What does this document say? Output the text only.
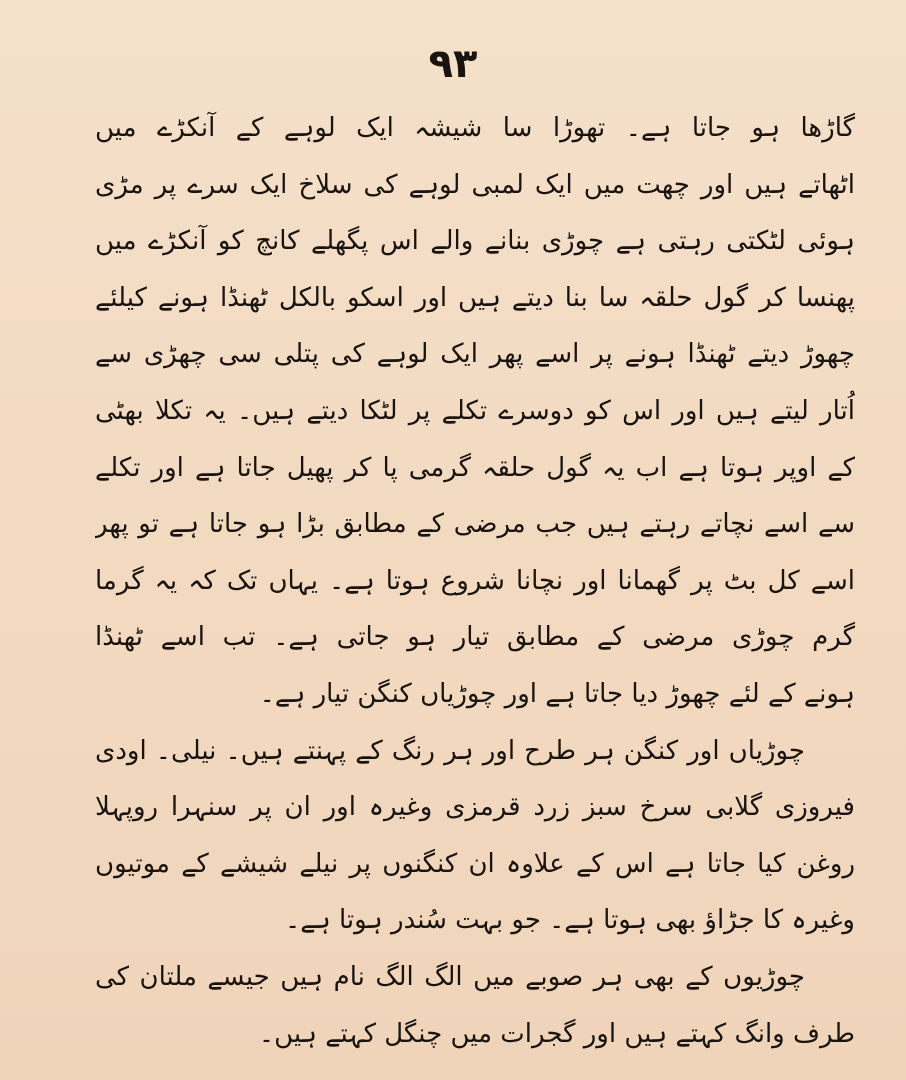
۹۳
گاڑھا ہو جاتا ہے۔ تھوڑا سا شیشہ ایک لوہے کے آنکڑے میں
اٹھاتے ہیں اور چھت میں ایک لمبی لوہے کی سلاخ ایک سرے پر مڑی
ہوئی لٹکتی رہتی ہے چوڑی بنانے والے اس پگھلے کانچ کو آنکڑے میں
پھنسا کر گول حلقہ سا بنا دیتے ہیں اور اسکو بالکل ٹھنڈا ہونے کیلئے
چھوڑ دیتے ٹھنڈا ہونے پر اسے پھر ایک لوہے کی پتلی سی چھڑی سے
اُتار لیتے ہیں اور اس کو دوسرے تکلے پر لٹکا دیتے ہیں۔ یہ تکلا بھٹی
کے اوپر ہوتا ہے اب یہ گول حلقہ گرمی پا کر پھیل جاتا ہے اور تکلے
سے اسے نچاتے رہتے ہیں جب مرضی کے مطابق بڑا ہو جاتا ہے تو پھر
اسے کل بٹ پر گھمانا اور نچانا شروع ہوتا ہے۔ یہاں تک کہ یہ گرما
گرم چوڑی مرضی کے مطابق تیار ہو جاتی ہے۔ تب اسے ٹھنڈا
ہونے کے لئے چھوڑ دیا جاتا ہے اور چوڑیاں کنگن تیار ہے۔
چوڑیاں اور کنگن ہر طرح اور ہر رنگ کے پہنتے ہیں۔ نیلی۔ اودی
فیروزی گلابی سرخ سبز زرد قرمزی وغیرہ اور ان پر سنہرا روپہلا
روغن کیا جاتا ہے اس کے علاوہ ان کنگنوں پر نیلے شیشے کے موتیوں
وغیرہ کا جڑاؤ بھی ہوتا ہے۔ جو بہت سُندر ہوتا ہے۔
چوڑیوں کے بھی ہر صوبے میں الگ الگ نام ہیں جیسے ملتان کی
طرف وانگ کہتے ہیں اور گجرات میں چنگل کہتے ہیں۔
